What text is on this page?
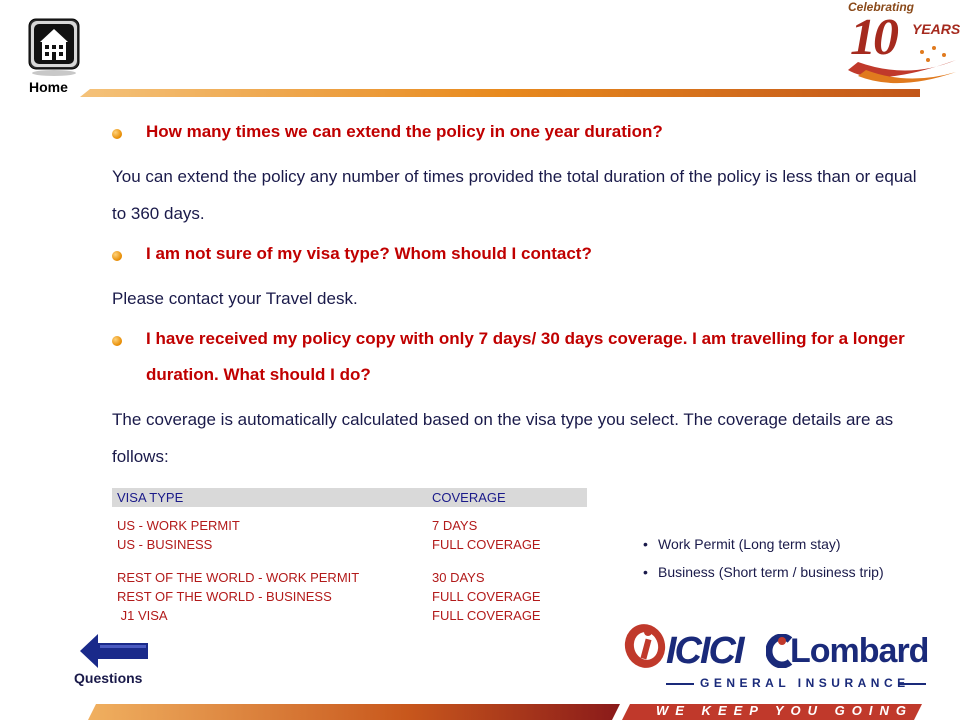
Home
Celebrating
10 YEARS
How many times we can extend the policy in one year duration?
You can extend the policy any number of times provided the total duration of the policy is less than or equal to 360 days.
I am not sure of my visa type? Whom should I contact?
Please contact your Travel desk.
I have received my policy copy with only 7 days/ 30 days coverage. I am travelling for a longer duration. What should I do?
The coverage is automatically calculated based on the visa type you select. The coverage details are as follows:
VISA TYPE	COVERAGE
US - WORK PERMIT	7 DAYS
US - BUSINESS	FULL COVERAGE
REST OF THE WORLD - WORK PERMIT	30 DAYS
REST OF THE WORLD - BUSINESS	FULL COVERAGE
J1 VISA	FULL COVERAGE
• Work Permit (Long term stay)
• Business (Short term / business trip)
Questions
ICICI Lombard
GENERAL INSURANCE
WE KEEP YOU GOING
